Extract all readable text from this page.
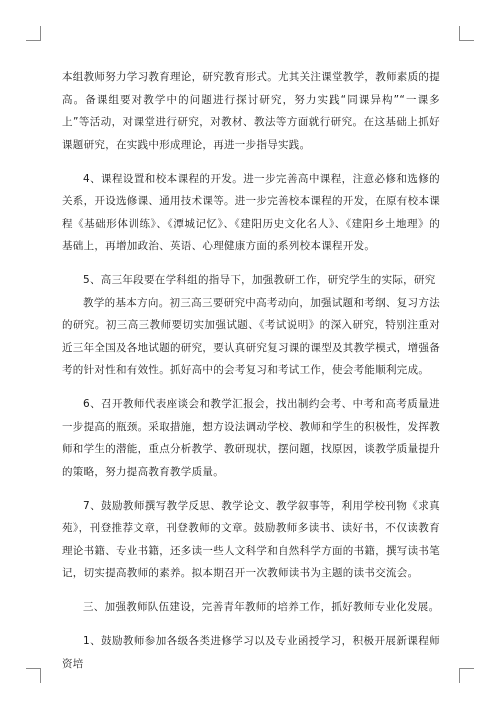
本组教师努力学习教育理论，研究教育形式。尤其关注课堂教学，教师素质的提高。备课组要对教学中的问题进行探讨研究，努力实践“同课异构”“一课多上”等活动，对课堂进行研究，对教材、教法等方面就行研究。在这基础上抓好课题研究，在实践中形成理论，再进一步指导实践。

4、课程设置和校本课程的开发。进一步完善高中课程，注意必修和选修的关系，开设选修课、通用技术课等。进一步完善校本课程的开发，在原有校本课程《基础形体训练》、《潭城记忆》、《建阳历史文化名人》、《建阳乡土地理》的基础上，再增加政治、英语、心理健康方面的系列校本课程开发。

5、高三年段要在学科组的指导下，加强教研工作，研究学生的实际，研究

教学的基本方向。初三高三要研究中高考动向，加强试题和考纲、复习方法的研究。初三高三教师要切实加强试题、《考试说明》的深入研究，特别注重对近三年全国及各地试题的研究，要认真研究复习课的课型及其教学模式，增强备考的针对性和有效性。抓好高中的会考复习和考试工作，使会考能顺利完成。

6、召开教师代表座谈会和教学汇报会，找出制约会考、中考和高考质量进一步提高的瓶颈。采取措施，想方设法调动学校、教师和学生的积极性，发挥教师和学生的潜能，重点分析教学、教研现状，摆问题，找原因，谈教学质量提升的策略，努力提高教育教学质量。

7、鼓励教师撰写教学反思、教学论文、教学叙事等，利用学校刊物《求真苑》，刊登推荐文章，刊登教师的文章。鼓励教师多读书、读好书，不仅读教育理论书籍、专业书籍，还多读一些人文科学和自然科学方面的书籍，撰写读书笔记，切实提高教师的素养。拟本期召开一次教师读书为主题的读书交流会。

三、加强教师队伍建设，完善青年教师的培养工作，抓好教师专业化发展。

1、鼓励教师参加各级各类进修学习以及专业函授学习，积极开展新课程师资培
